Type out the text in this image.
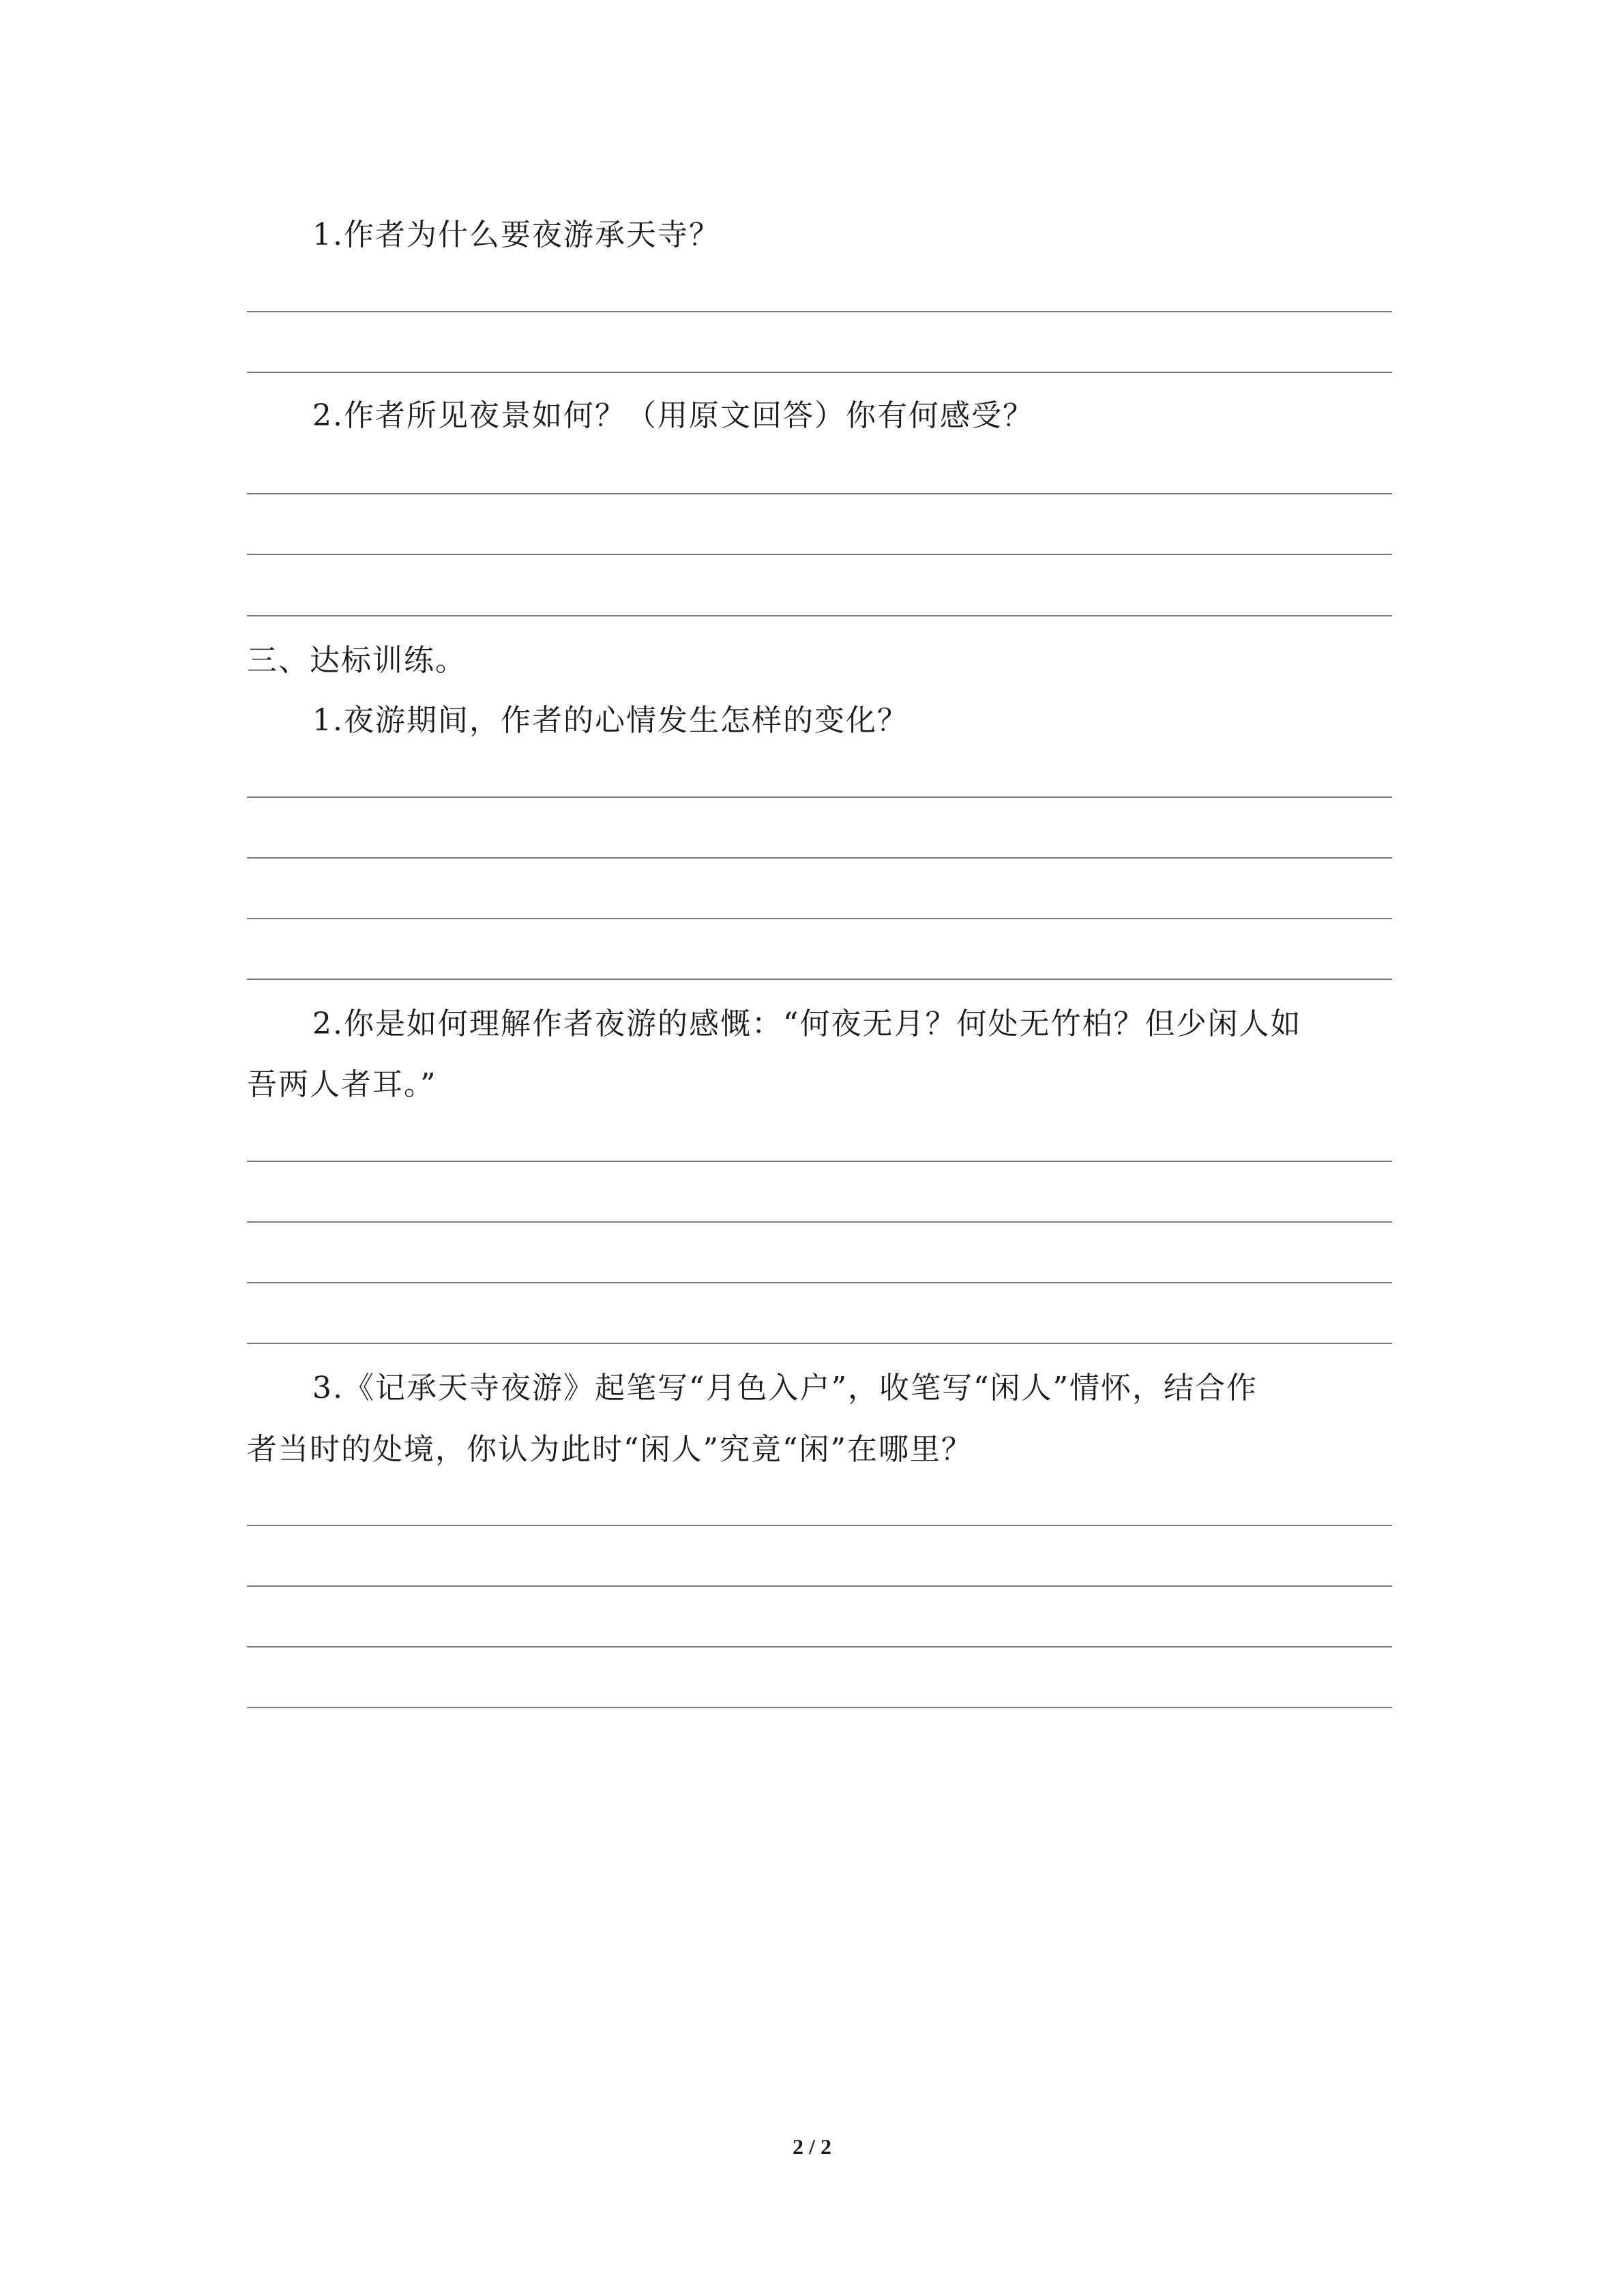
1.作者为什么要夜游承天寺？
2.作者所见夜景如何？（用原文回答）你有何感受？
三、达标训练。
1.夜游期间，作者的心情发生怎样的变化？
2.你是如何理解作者夜游的感慨：“何夜无月？何处无竹柏？但少闲人如
吾两人者耳。”
3.《记承天寺夜游》起笔写“月色入户”，收笔写“闲人”情怀，结合作
者当时的处境，你认为此时“闲人”究竟“闲”在哪里？
2 / 2
